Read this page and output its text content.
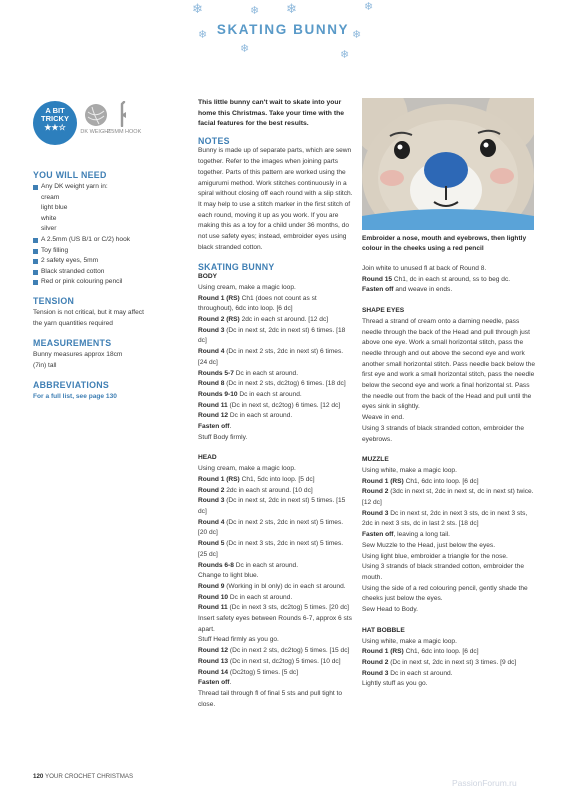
❄	❄ ❄	❄
❄	❄
❄	❄
SKATING BUNNY
A BIT
TRICKY
★★☆	DK WEIGHT
2.5MM HOOK
YOU WILL NEED
Any DK weight yarn in:
cream
light blue
white
silver
A 2.5mm (US B/1 or C/2) hook
Toy filling
2 safety eyes, 5mm
Black stranded cotton
Red or pink colouring pencil
TENSION
Tension is not critical, but it may affect the yarn quantities required
MEASUREMENTS
Bunny measures approx 18cm (7in) tall
ABBREVIATIONS
For a full list, see page 130

This little bunny can't wait to skate into your home this Christmas. Take your time with the facial features for the best results.

NOTES

Bunny is made up of separate parts, which are sewn together. Refer to the images when joining parts together. Parts of this pattern are worked using the amigurumi method. Work stitches continuously in a spiral without closing off each round with a slip stitch. It may help to use a stitch marker in the first stitch of each round, moving it up as you work. If you are making this as a toy for a child under 36 months, do not use safety eyes; instead, embroider eyes using black stranded cotton.

SKATING BUNNY
BODY

Using cream, make a magic loop.

Round 1 (RS) Ch1 (does not count as st throughout), 6dc into loop. [6 dc]

Round 2 (RS) 2dc in each st around. [12 dc]

Round 3 (Dc in next st, 2dc in next st) 6 times. [18 dc]

Round 4 (Dc in next 2 sts, 2dc in next st) 6 times. [24 dc]

Rounds 5-7 Dc in each st around.

Round 8 (Dc in next 2 sts, dc2tog) 6 times. [18 dc]

Rounds 9-10 Dc in each st around.

Round 11 (Dc in next st, dc2tog) 6 times. [12 dc]

Round 12 Dc in each st around.

Fasten off.

Stuff Body firmly.

HEAD

Using cream, make a magic loop.

Round 1 (RS) Ch1, 5dc into loop. [5 dc]

Round 2 2dc in each st around. [10 dc]

Round 3 (Dc in next st, 2dc in next st) 5 times. [15 dc]

Round 4 (Dc in next 2 sts, 2dc in next st) 5 times. [20 dc]

Round 5 (Dc in next 3 sts, 2dc in next st) 5 times. [25 dc]

Rounds 6-8 Dc in each st around.

Change to light blue.

Round 9 (Working in bl only) dc in each st around.

Round 10 Dc in each st around.

Round 11 (Dc in next 3 sts, dc2tog) 5 times. [20 dc]

Insert safety eyes between Rounds 6-7, approx 6 sts apart.

Stuff Head firmly as you go.

Round 12 (Dc in next 2 sts, dc2tog) 5 times. [15 dc]

Round 13 (Dc in next st, dc2tog) 5 times. [10 dc]

Round 14 (Dc2tog) 5 times. [5 dc]

Fasten off.

Thread tail through fl of final 5 sts and pull tight to close.

Embroider a nose, mouth and eyebrows, then lightly colour in the cheeks using a red pencil

Join white to unused fl at back of Round 8.

Round 15 Ch1, dc in each st around, ss to beg dc.

Fasten off and weave in ends.

SHAPE EYES

Thread a strand of cream onto a darning needle, pass needle through the back of the Head and pull through just above one eye. Work a small horizontal stitch, pass the needle through and out above the second eye and work another small horizontal stitch. Pass needle back below the first eye and work a small horizontal stitch, pass the needle below the second eye and work a final horizontal st. Pass the needle out from the back of the Head and pull until the eyes sink in slightly.

Weave in end.

Using 3 strands of black stranded cotton, embroider the eyebrows.

MUZZLE

Using white, make a magic loop.

Round 1 (RS) Ch1, 6dc into loop. [6 dc]

Round 2 (3dc in next st, 2dc in next st, dc in next st) twice. [12 dc]

Round 3 Dc in next st, 2dc in next 3 sts, dc in next 3 sts, 2dc in next 3 sts, dc in last 2 sts. [18 dc]

Fasten off, leaving a long tail.

Sew Muzzle to the Head, just below the eyes.

Using light blue, embroider a triangle for the nose.

Using 3 strands of black stranded cotton, embroider the mouth.

Using the side of a red colouring pencil, gently shade the cheeks just below the eyes.

Sew Head to Body.

HAT BOBBLE

Using white, make a magic loop.

Round 1 (RS) Ch1, 6dc into loop. [6 dc]

Round 2 (Dc in next st, 2dc in next st) 3 times. [9 dc]

Round 3 Dc in each st around.

Lightly stuff as you go.

120 YOUR CROCHET CHRISTMAS
PassionForum.ru
